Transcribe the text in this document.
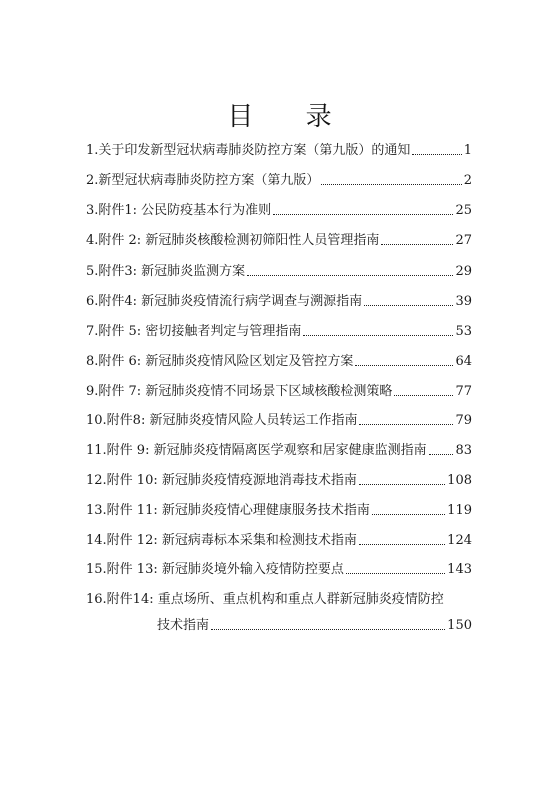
目 录
1.关于印发新型冠状病毒肺炎防控方案（第九版）的通知	1
2.新型冠状病毒肺炎防控方案（第九版）	2
3.附件1: 公民防疫基本行为准则	25
4.附件 2: 新冠肺炎核酸检测初筛阳性人员管理指南	27
5.附件3: 新冠肺炎监测方案	29
6.附件4: 新冠肺炎疫情流行病学调查与溯源指南	39
7.附件 5: 密切接触者判定与管理指南	53
8.附件 6: 新冠肺炎疫情风险区划定及管控方案	64
9.附件 7: 新冠肺炎疫情不同场景下区域核酸检测策略	77
10.附件8: 新冠肺炎疫情风险人员转运工作指南	79
11.附件 9: 新冠肺炎疫情隔离医学观察和居家健康监测指南 83
12.附件 10: 新冠肺炎疫情疫源地消毒技术指南	108
13.附件 11: 新冠肺炎疫情心理健康服务技术指南	119
14.附件 12: 新冠病毒标本采集和检测技术指南	124
15.附件 13: 新冠肺炎境外输入疫情防控要点	143
16.附件14: 重点场所、重点机构和重点人群新冠肺炎疫情防控
技术指南	150
